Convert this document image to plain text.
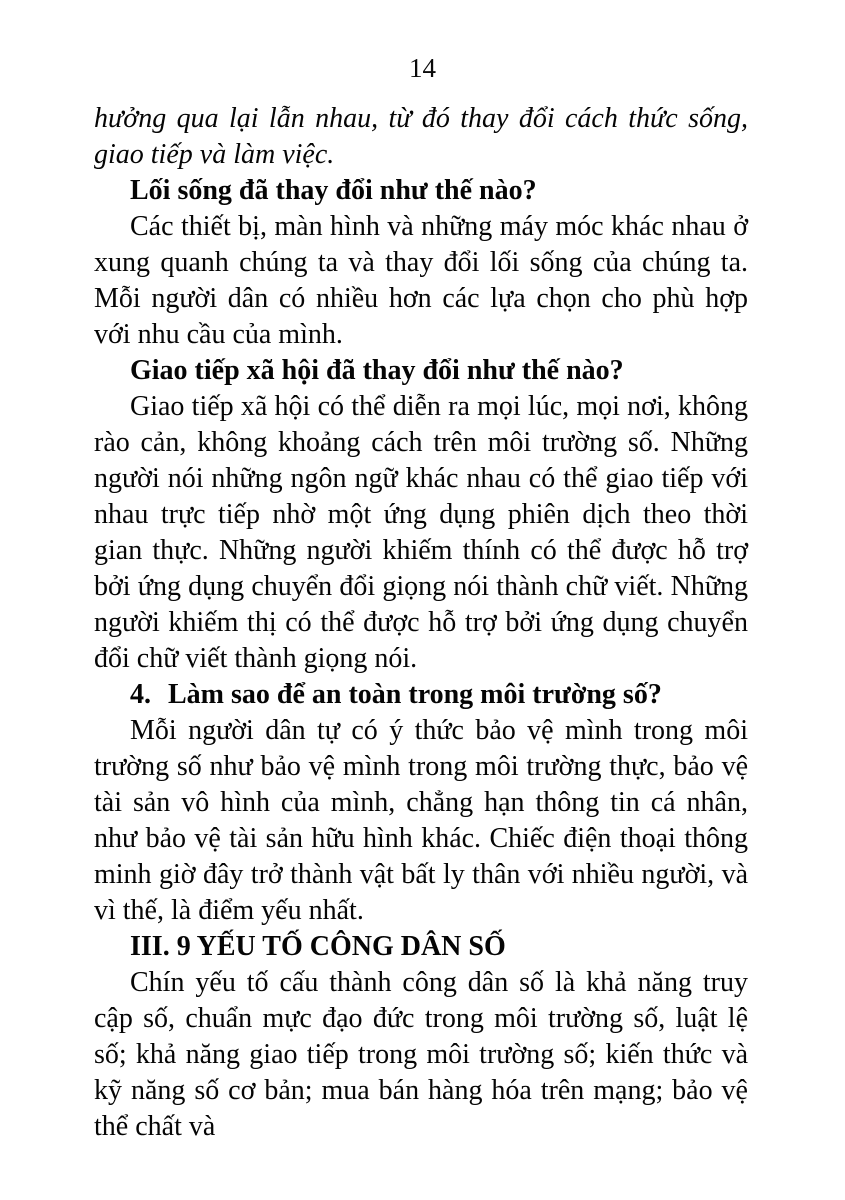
14

hưởng qua lại lẫn nhau, từ đó thay đổi cách thức sống, giao tiếp và làm việc.

Lối sống đã thay đổi như thế nào?

Các thiết bị, màn hình và những máy móc khác nhau ở xung quanh chúng ta và thay đổi lối sống của chúng ta. Mỗi người dân có nhiều hơn các lựa chọn cho phù hợp với nhu cầu của mình.

Giao tiếp xã hội đã thay đổi như thế nào?

Giao tiếp xã hội có thể diễn ra mọi lúc, mọi nơi, không rào cản, không khoảng cách trên môi trường số. Những người nói những ngôn ngữ khác nhau có thể giao tiếp với nhau trực tiếp nhờ một ứng dụng phiên dịch theo thời gian thực. Những người khiếm thính có thể được hỗ trợ bởi ứng dụng chuyển đổi giọng nói thành chữ viết. Những người khiếm thị có thể được hỗ trợ bởi ứng dụng chuyển đổi chữ viết thành giọng nói.

4. Làm sao để an toàn trong môi trường số?

Mỗi người dân tự có ý thức bảo vệ mình trong môi trường số như bảo vệ mình trong môi trường thực, bảo vệ tài sản vô hình của mình, chẳng hạn thông tin cá nhân, như bảo vệ tài sản hữu hình khác. Chiếc điện thoại thông minh giờ đây trở thành vật bất ly thân với nhiều người, và vì thế, là điểm yếu nhất.

III. 9 YẾU TỐ CÔNG DÂN SỐ

Chín yếu tố cấu thành công dân số là khả năng truy cập số, chuẩn mực đạo đức trong môi trường số, luật lệ số; khả năng giao tiếp trong môi trường số; kiến thức và kỹ năng số cơ bản; mua bán hàng hóa trên mạng; bảo vệ thể chất và
